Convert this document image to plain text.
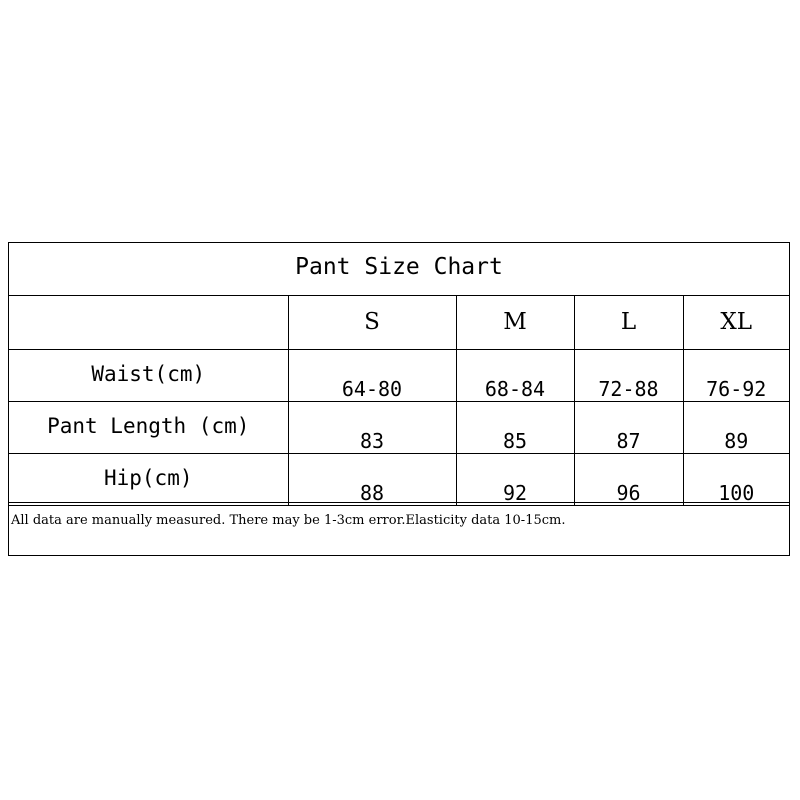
Pant Size Chart
	S	M	L	XL
Waist(cm)	64-80	68-84	72-88	76-92
Pant Length (cm)	83	85	87	89
Hip(cm)	88	92	96	100
All data are manually measured. There may be 1-3cm error.Elasticity data 10-15cm.
